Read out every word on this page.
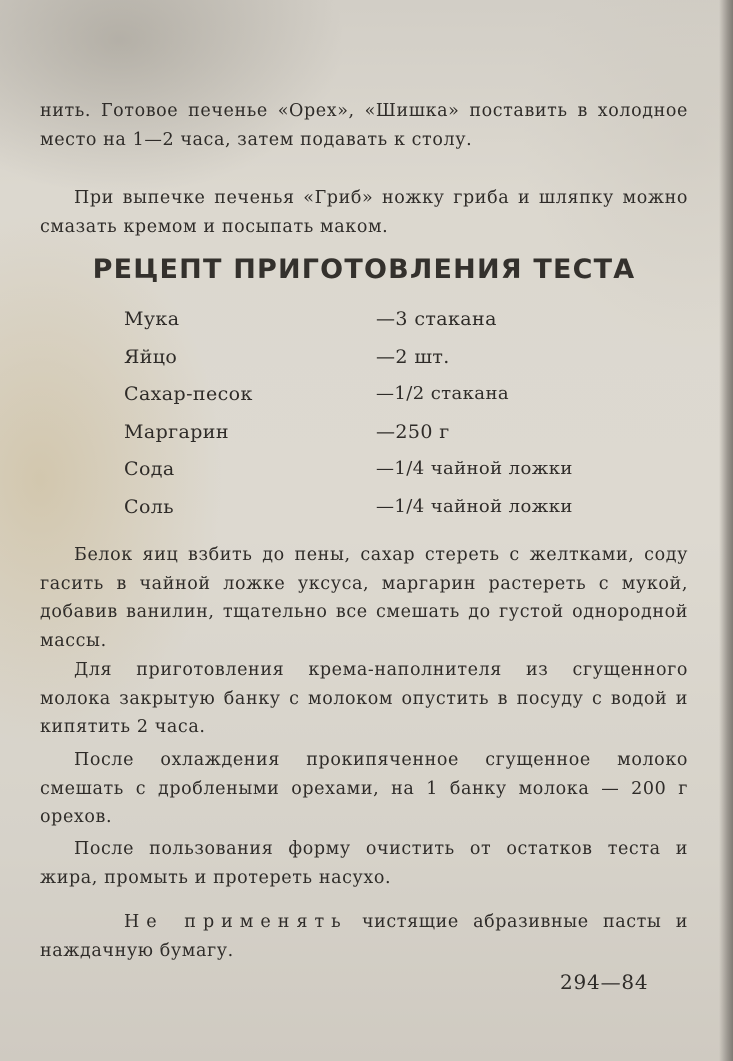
нить. Готовое печенье «Орех», «Шишка» поставить в холодное место на 1—2 часа, затем подавать к столу.

При выпечке печенья «Гриб» ножку гриба и шляпку можно смазать кремом и посыпать маком.

РЕЦЕПТ ПРИГОТОВЛЕНИЯ ТЕСТА
Мука	—3 стакана
Яйцо	—2 шт.
Сахар-песок	—1/2 стакана
Маргарин	—250 г
Сода	—1/4 чайной ложки
Соль	—1/4 чайной ложки

Белок яиц взбить до пены, сахар стереть с желтками, соду гасить в чайной ложке уксуса, маргарин растереть с мукой, добавив ванилин, тщательно все смешать до густой однородной массы.

Для приготовления крема-наполнителя из сгущенного молока закрытую банку с молоком опустить в посуду с водой и кипятить 2 часа.

После охлаждения прокипяченное сгущенное молоко смешать с дроблеными орехами, на 1 банку молока — 200 г орехов.

После пользования форму очистить от остатков теста и жира, промыть и протереть насухо.

Не применять чистящие абразивные пасты и наждачную бумагу.

294—84
